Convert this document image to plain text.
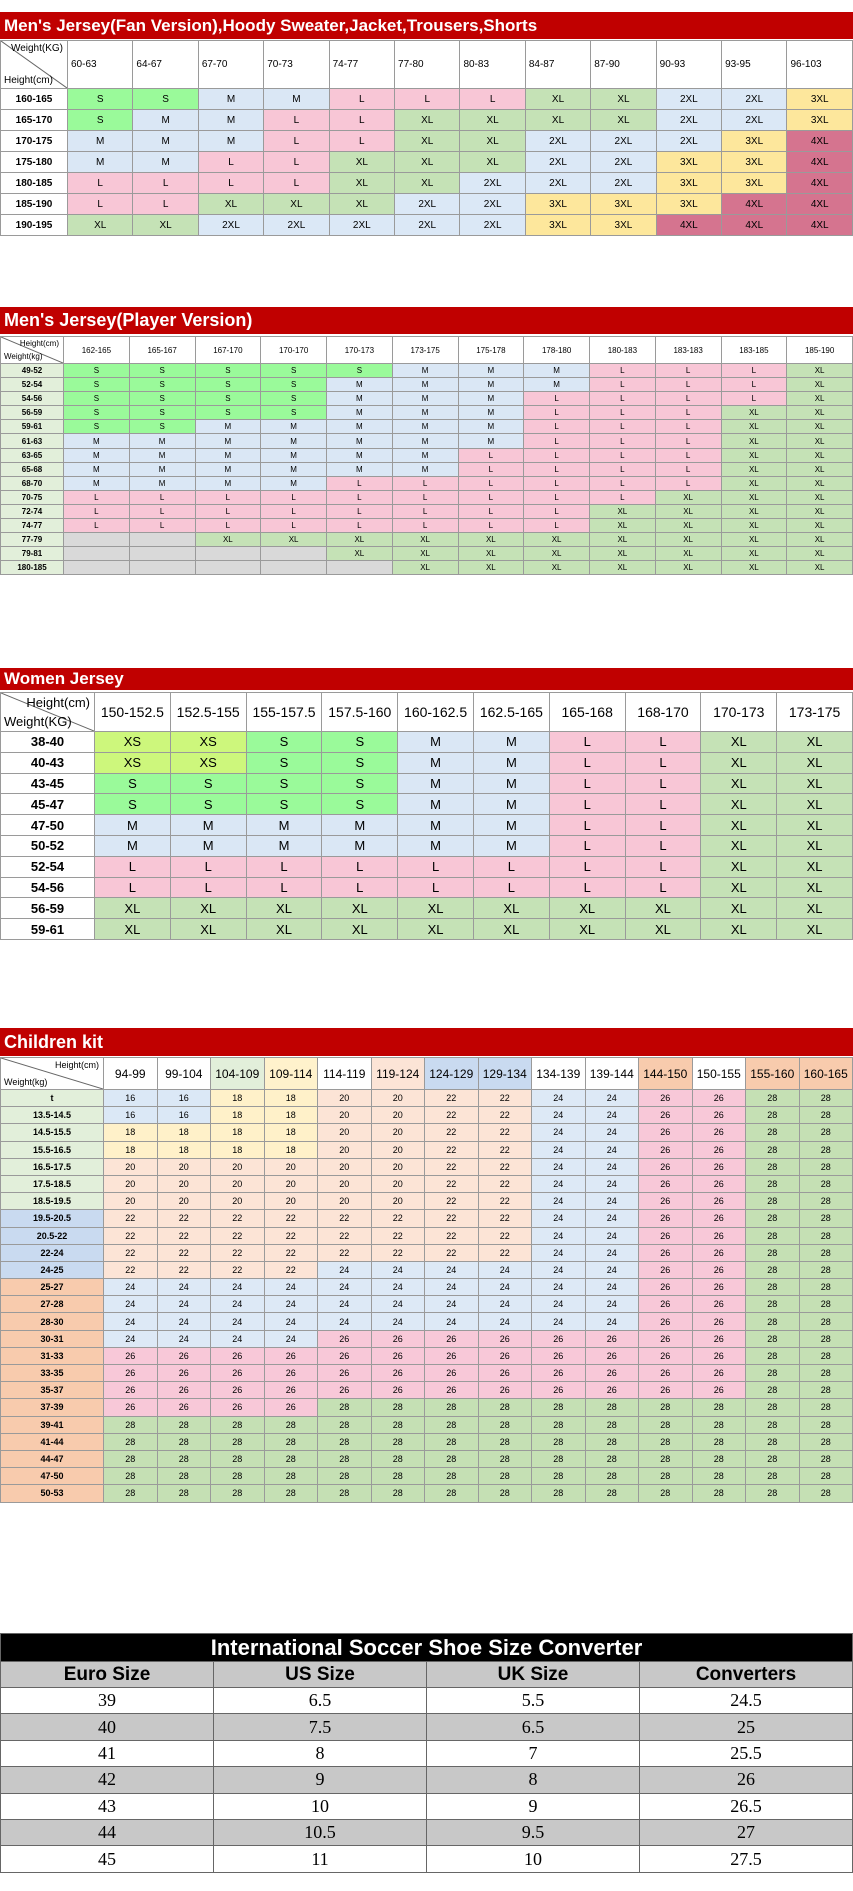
Men's Jersey(Fan Version),Hoody Sweater,Jacket,Trousers,Shorts
Weight(KG)
Height(cm)	60-63	64-67	67-70	70-73	74-77	77-80	80-83	84-87	87-90	90-93	93-95	96-103
160-165	S	S	M	M	L	L	L	XL	XL	2XL	2XL	3XL
165-170	S	M	M	L	L	XL	XL	XL	XL	2XL	2XL	3XL
170-175	M	M	M	L	L	XL	XL	2XL	2XL	2XL	3XL	4XL
175-180	M	M	L	L	XL	XL	XL	2XL	2XL	3XL	3XL	4XL
180-185	L	L	L	L	XL	XL	2XL	2XL	2XL	3XL	3XL	4XL
185-190	L	L	XL	XL	XL	2XL	2XL	3XL	3XL	3XL	4XL	4XL
190-195	XL	XL	2XL	2XL	2XL	2XL	2XL	3XL	3XL	4XL	4XL	4XL
Men's Jersey(Player Version)
Height(cm)
Weight(kg)	162-165	165-167	167-170	170-170	170-173	173-175	175-178	178-180	180-183	183-183	183-185	185-190
49-52	S	S	S	S	S	M	M	M	L	L	L	XL
52-54	S	S	S	S	M	M	M	M	L	L	L	XL
54-56	S	S	S	S	M	M	M	L	L	L	L	XL
56-59	S	S	S	S	M	M	M	L	L	L	XL	XL
59-61	S	S	M	M	M	M	M	L	L	L	XL	XL
61-63	M	M	M	M	M	M	M	L	L	L	XL	XL
63-65	M	M	M	M	M	M	L	L	L	L	XL	XL
65-68	M	M	M	M	M	M	L	L	L	L	XL	XL
68-70	M	M	M	M	L	L	L	L	L	L	XL	XL
70-75	L	L	L	L	L	L	L	L	L	XL	XL	XL
72-74	L	L	L	L	L	L	L	L	XL	XL	XL	XL
74-77	L	L	L	L	L	L	L	L	XL	XL	XL	XL
77-79			XL	XL	XL	XL	XL	XL	XL	XL	XL	XL
79-81					XL	XL	XL	XL	XL	XL	XL	XL
180-185						XL	XL	XL	XL	XL	XL	XL
Women Jersey
Height(cm)
Weight(KG)	150-152.5	152.5-155	155-157.5	157.5-160	160-162.5	162.5-165	165-168	168-170	170-173	173-175
38-40	XS	XS	S	S	M	M	L	L	XL	XL
40-43	XS	XS	S	S	M	M	L	L	XL	XL
43-45	S	S	S	S	M	M	L	L	XL	XL
45-47	S	S	S	S	M	M	L	L	XL	XL
47-50	M	M	M	M	M	M	L	L	XL	XL
50-52	M	M	M	M	M	M	L	L	XL	XL
52-54	L	L	L	L	L	L	L	L	XL	XL
54-56	L	L	L	L	L	L	L	L	XL	XL
56-59	XL	XL	XL	XL	XL	XL	XL	XL	XL	XL
59-61	XL	XL	XL	XL	XL	XL	XL	XL	XL	XL
Children kit
Height(cm)
Weight(kg)	94-99	99-104	104-109	109-114	114-119	119-124	124-129	129-134	134-139	139-144	144-150	150-155	155-160	160-165
t	16	16	18	18	20	20	22	22	24	24	26	26	28	28
13.5-14.5	16	16	18	18	20	20	22	22	24	24	26	26	28	28
14.5-15.5	18	18	18	18	20	20	22	22	24	24	26	26	28	28
15.5-16.5	18	18	18	18	20	20	22	22	24	24	26	26	28	28
16.5-17.5	20	20	20	20	20	20	22	22	24	24	26	26	28	28
17.5-18.5	20	20	20	20	20	20	22	22	24	24	26	26	28	28
18.5-19.5	20	20	20	20	20	20	22	22	24	24	26	26	28	28
19.5-20.5	22	22	22	22	22	22	22	22	24	24	26	26	28	28
20.5-22	22	22	22	22	22	22	22	22	24	24	26	26	28	28
22-24	22	22	22	22	22	22	22	22	24	24	26	26	28	28
24-25	22	22	22	22	24	24	24	24	24	24	26	26	28	28
25-27	24	24	24	24	24	24	24	24	24	24	26	26	28	28
27-28	24	24	24	24	24	24	24	24	24	24	26	26	28	28
28-30	24	24	24	24	24	24	24	24	24	24	26	26	28	28
30-31	24	24	24	24	26	26	26	26	26	26	26	26	28	28
31-33	26	26	26	26	26	26	26	26	26	26	26	26	28	28
33-35	26	26	26	26	26	26	26	26	26	26	26	26	28	28
35-37	26	26	26	26	26	26	26	26	26	26	26	26	28	28
37-39	26	26	26	26	28	28	28	28	28	28	28	28	28	28
39-41	28	28	28	28	28	28	28	28	28	28	28	28	28	28
41-44	28	28	28	28	28	28	28	28	28	28	28	28	28	28
44-47	28	28	28	28	28	28	28	28	28	28	28	28	28	28
47-50	28	28	28	28	28	28	28	28	28	28	28	28	28	28
50-53	28	28	28	28	28	28	28	28	28	28	28	28	28	28
International Soccer Shoe Size Converter			
Euro Size	US Size	UK Size	Converters
39	6.5	5.5	24.5
40	7.5	6.5	25
41	8	7	25.5
42	9	8	26
43	10	9	26.5
44	10.5	9.5	27
45	11	10	27.5
